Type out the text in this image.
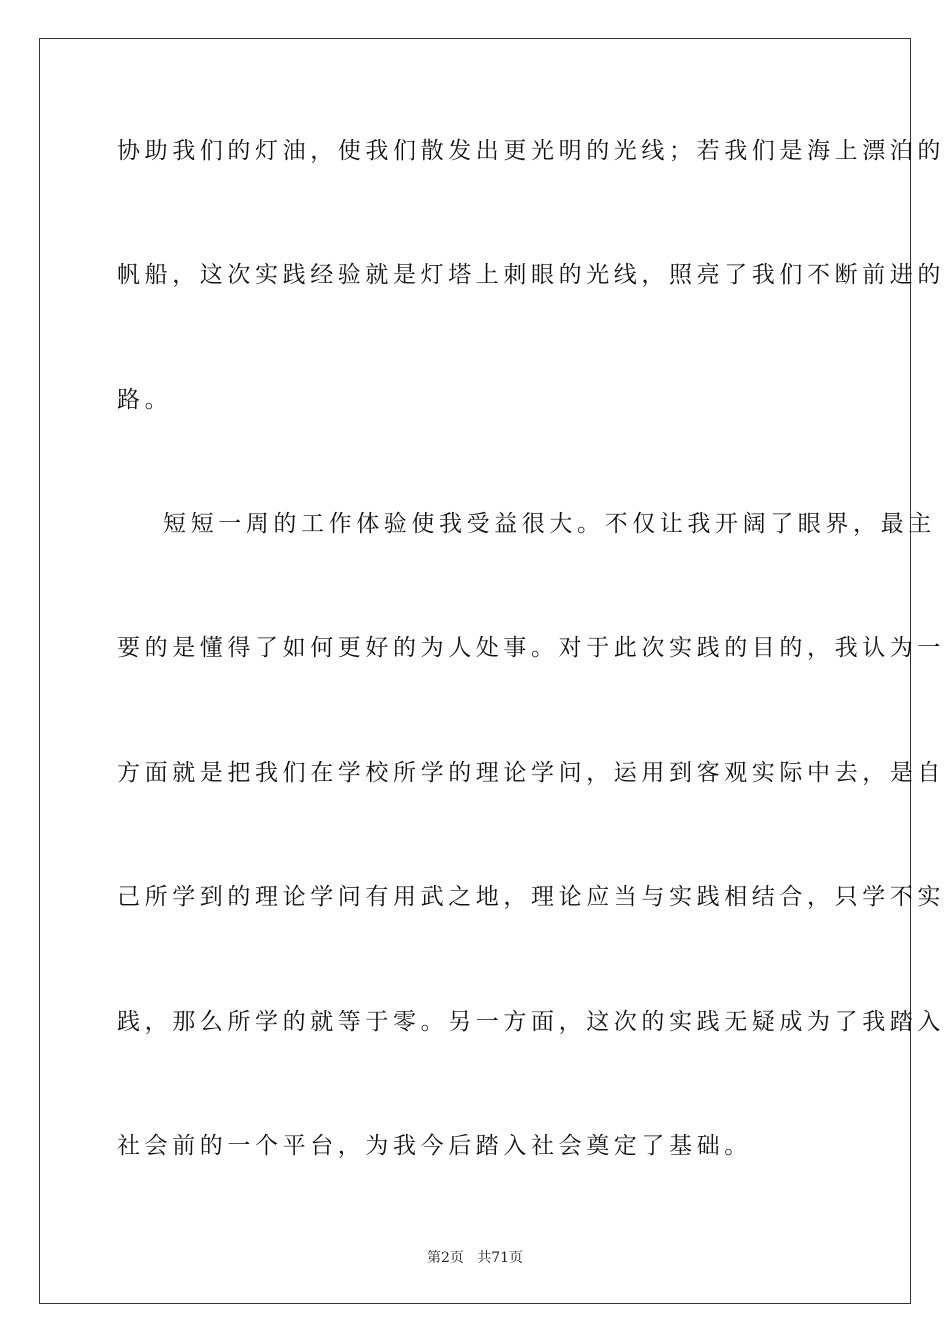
协助我们的灯油，使我们散发出更光明的光线；若我们是海上漂泊的
帆船，这次实践经验就是灯塔上刺眼的光线，照亮了我们不断前进的
路。
短短一周的工作体验使我受益很大。不仅让我开阔了眼界，最主
要的是懂得了如何更好的为人处事。对于此次实践的目的，我认为一
方面就是把我们在学校所学的理论学问，运用到客观实际中去，是自
己所学到的理论学问有用武之地，理论应当与实践相结合，只学不实
践，那么所学的就等于零。另一方面，这次的实践无疑成为了我踏入
社会前的一个平台，为我今后踏入社会奠定了基础。
第2页   共71页
